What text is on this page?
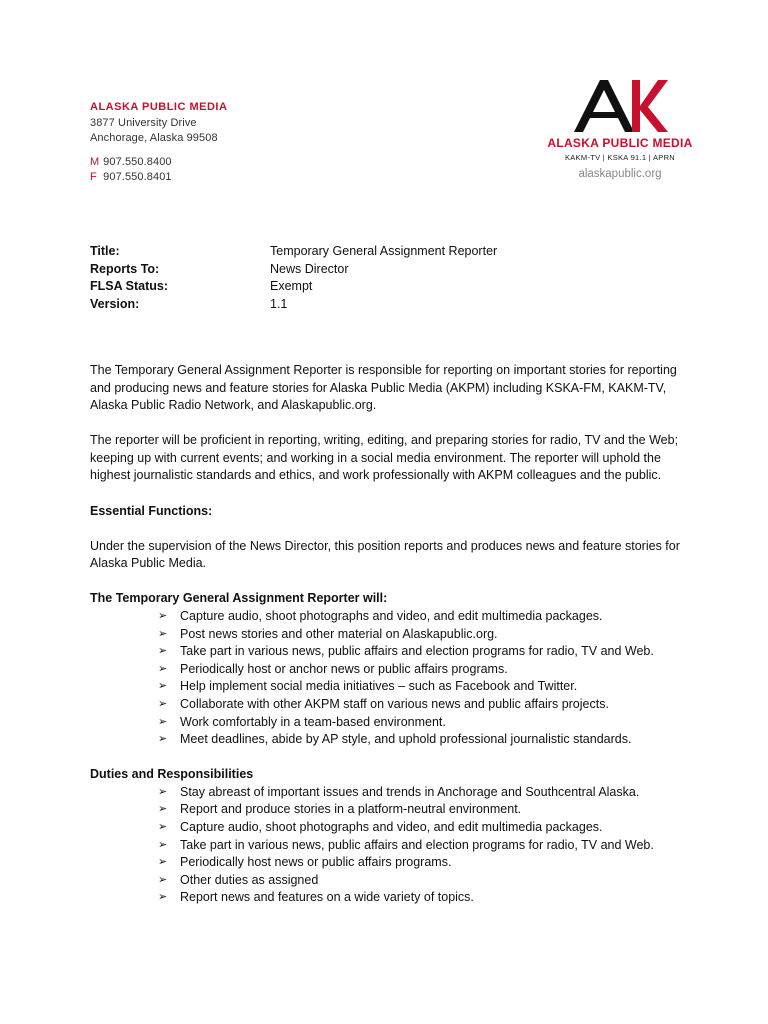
ALASKA PUBLIC MEDIA
3877 University Drive
Anchorage, Alaska 99508
M 907.550.8400
F 907.550.8401
ALASKA PUBLIC MEDIA
KAKM-TV | KSKA 91.1 | APRN
alaskapublic.org
Title:	Temporary General Assignment Reporter
Reports To:	News Director
FLSA Status:	Exempt
Version:	1.1

The Temporary General Assignment Reporter is responsible for reporting on important stories for reporting and producing news and feature stories for Alaska Public Media (AKPM) including KSKA-FM, KAKM-TV, Alaska Public Radio Network, and Alaskapublic.org.

The reporter will be proficient in reporting, writing, editing, and preparing stories for radio, TV and the Web; keeping up with current events; and working in a social media environment. The reporter will uphold the highest journalistic standards and ethics, and work professionally with AKPM colleagues and the public.

Essential Functions:

Under the supervision of the News Director, this position reports and produces news and feature stories for Alaska Public Media.

The Temporary General Assignment Reporter will:

➢ Capture audio, shoot photographs and video, and edit multimedia packages.
➢ Post news stories and other material on Alaskapublic.org.
➢ Take part in various news, public affairs and election programs for radio, TV and Web.
➢ Periodically host or anchor news or public affairs programs.
➢ Help implement social media initiatives – such as Facebook and Twitter.
➢ Collaborate with other AKPM staff on various news and public affairs projects.
➢ Work comfortably in a team-based environment.
➢ Meet deadlines, abide by AP style, and uphold professional journalistic standards.

Duties and Responsibilities

➢ Stay abreast of important issues and trends in Anchorage and Southcentral Alaska.
➢ Report and produce stories in a platform-neutral environment.
➢ Capture audio, shoot photographs and video, and edit multimedia packages.
➢ Take part in various news, public affairs and election programs for radio, TV and Web.
➢ Periodically host news or public affairs programs.
➢ Other duties as assigned
➢ Report news and features on a wide variety of topics.
